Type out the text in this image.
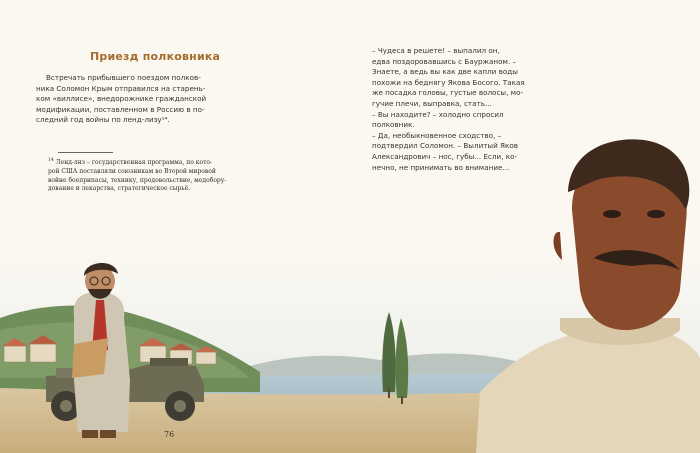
Приезд полковника
Встречать прибывшего поездом полков-
ника Соломон Крым отправился на старень-
ком «виллисе», внедорожнике гражданской
модификации, поставленном в Россию в по-
следний год войны по ленд-лизу¹⁴.
$^{14}$ Ленд-лиз – государственная программа, по кото-
рой США поставляли союзникам во Второй мировой
войне боеприпасы, технику, продовольствие, медобору-
дование и лекарства, стратегическое сырьё.
– Чудеса в решете! – выпалил он,
едва поздоровавшись с Бауржаном. –
Знаете, а ведь вы как две капли воды
похожи на беднягу Якова Босого. Такая
же посадка головы, густые волосы, мо-
гучие плечи, выправка, стать...
– Вы находите? – холодно спросил
полковник.
– Да, необыкновенное сходство, –
подтвердил Соломон. – Вылитый Яков
Александрович – нос, губы... Если, ко-
нечно, не принимать во внимание...
76
